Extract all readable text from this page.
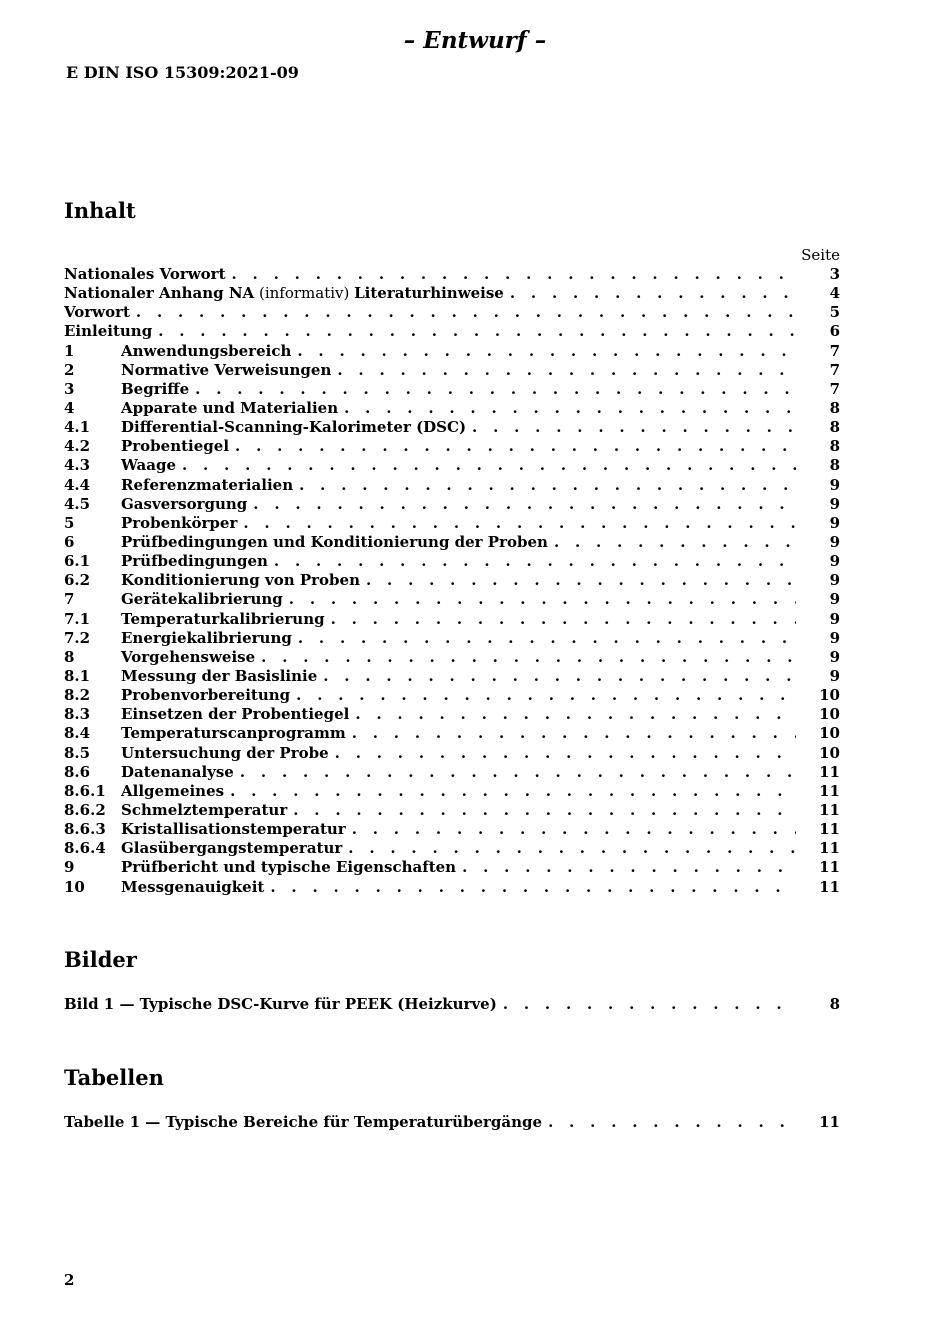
– Entwurf –
E DIN ISO 15309:2021-09
Inhalt
Seite
Nationales Vorwort . . .	3
Nationaler Anhang NA (informativ) Literaturhinweise . . .	4
Vorwort . . .	5
Einleitung . . .	6
1	Anwendungsbereich . . .	7
2	Normative Verweisungen . . .	7
3	Begriffe . . .	7
4	Apparate und Materialien . . .	8
4.1	Differential-Scanning-Kalorimeter (DSC) . . .	8
4.2	Probentiegel . . .	8
4.3	Waage . . .	8
4.4	Referenzmaterialien . . .	9
4.5	Gasversorgung . . .	9
5	Probenkörper . . .	9
6	Prüfbedingungen und Konditionierung der Proben . . .	9
6.1	Prüfbedingungen . . .	9
6.2	Konditionierung von Proben . . .	9
7	Gerätekalibrierung . . .	9
7.1	Temperaturkalibrierung . . .	9
7.2	Energiekalibrierung . . .	9
8	Vorgehensweise . . .	9
8.1	Messung der Basislinie . . .	9
8.2	Probenvorbereitung . . .	10
8.3	Einsetzen der Probentiegel . . .	10
8.4	Temperaturscanprogramm . . .	10
8.5	Untersuchung der Probe . . .	10
8.6	Datenanalyse . . .	11
8.6.1	Allgemeines . . .	11
8.6.2	Schmelztemperatur . . .	11
8.6.3	Kristallisationstemperatur . . .	11
8.6.4	Glasübergangstemperatur . . .	11
9	Prüfbericht und typische Eigenschaften . . .	11
10	Messgenauigkeit . . .	11
Bilder
Bild 1 — Typische DSC-Kurve für PEEK (Heizkurve) . . .	8
Tabellen
Tabelle 1 — Typische Bereiche für Temperaturübergänge . . .	11
2
